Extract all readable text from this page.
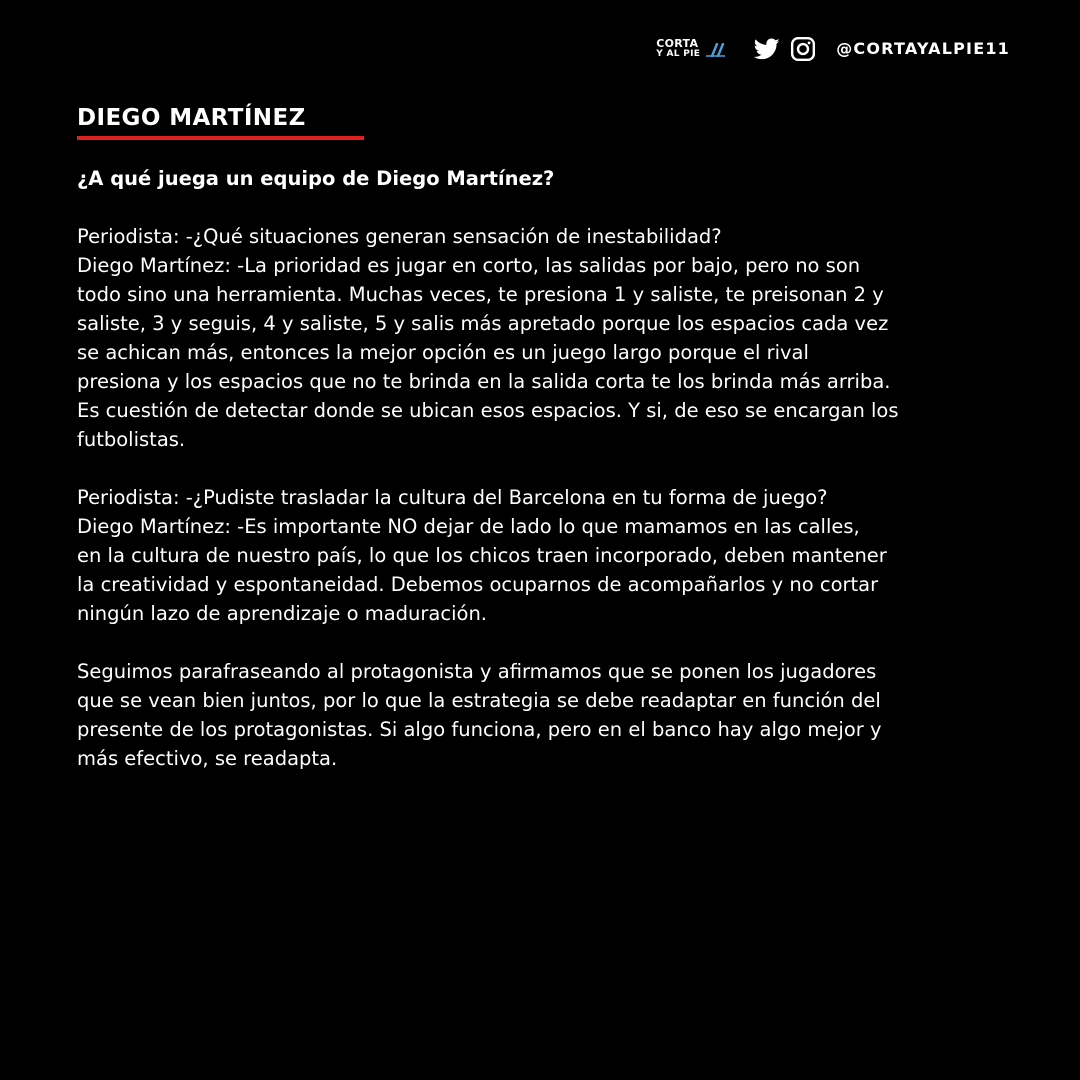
CORTA
Y AL PIE	@CORTAYALPIE11
DIEGO MARTÍNEZ

¿A qué juega un equipo de Diego Martínez?

Periodista: -¿Qué situaciones generan sensación de inestabilidad?

Diego Martínez: -La prioridad es jugar en corto, las salidas por bajo, pero no son

todo sino una herramienta. Muchas veces, te presiona 1 y saliste, te preisonan 2 y

saliste, 3 y seguis, 4 y saliste, 5 y salis más apretado porque los espacios cada vez

se achican más, entonces la mejor opción es un juego largo porque el rival

presiona y los espacios que no te brinda en la salida corta te los brinda más arriba.

Es cuestión de detectar donde se ubican esos espacios. Y si, de eso se encargan los

futbolistas.

Periodista: -¿Pudiste trasladar la cultura del Barcelona en tu forma de juego?

Diego Martínez: -Es importante NO dejar de lado lo que mamamos en las calles,

en la cultura de nuestro país, lo que los chicos traen incorporado, deben mantener

la creatividad y espontaneidad. Debemos ocuparnos de acompañarlos y no cortar

ningún lazo de aprendizaje o maduración.

Seguimos parafraseando al protagonista y afirmamos que se ponen los jugadores

que se vean bien juntos, por lo que la estrategia se debe readaptar en función del

presente de los protagonistas. Si algo funciona, pero en el banco hay algo mejor y

más efectivo, se readapta.
